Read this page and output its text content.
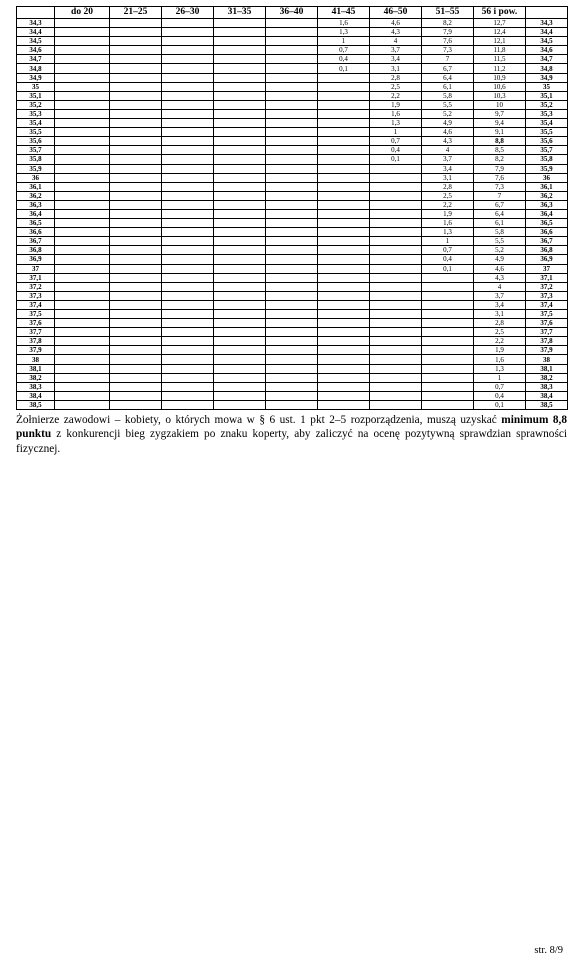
	do 20	21–25	26–30	31–35	36–40	41–45	46–50	51–55	56 i pow.	
34,3						1,6	4,6	8,2	12,7	34,3
34,4						1,3	4,3	7,9	12,4	34,4
34,5						1	4	7,6	12,1	34,5
34,6						0,7	3,7	7,3	11,8	34,6
34,7						0,4	3,4	7	11,5	34,7
34,8						0,1	3,1	6,7	11,2	34,8
34,9							2,8	6,4	10,9	34,9
35							2,5	6,1	10,6	35
35,1							2,2	5,8	10,3	35,1
35,2							1,9	5,5	10	35,2
35,3							1,6	5,2	9,7	35,3
35,4							1,3	4,9	9,4	35,4
35,5							1	4,6	9,1	35,5
35,6							0,7	4,3	8,8	35,6
35,7							0,4	4	8,5	35,7
35,8							0,1	3,7	8,2	35,8
35,9								3,4	7,9	35,9
36								3,1	7,6	36
36,1								2,8	7,3	36,1
36,2								2,5	7	36,2
36,3								2,2	6,7	36,3
36,4								1,9	6,4	36,4
36,5								1,6	6,1	36,5
36,6								1,3	5,8	36,6
36,7								1	5,5	36,7
36,8								0,7	5,2	36,8
36,9								0,4	4,9	36,9
37								0,1	4,6	37
37,1									4,3	37,1
37,2									4	37,2
37,3									3,7	37,3
37,4									3,4	37,4
37,5									3,1	37,5
37,6									2,8	37,6
37,7									2,5	37,7
37,8									2,2	37,8
37,9									1,9	37,9
38									1,6	38
38,1									1,3	38,1
38,2									1	38,2
38,3									0,7	38,3
38,4									0,4	38,4
38,5									0,1	38,5

Żołnierze zawodowi – kobiety, o których mowa w § 6 ust. 1 pkt 2–5 rozporządzenia, muszą uzyskać minimum 8,8 punktu z konkurencji bieg zygzakiem po znaku koperty, aby zaliczyć na ocenę pozytywną sprawdzian sprawności fizycznej.

str. 8/9
